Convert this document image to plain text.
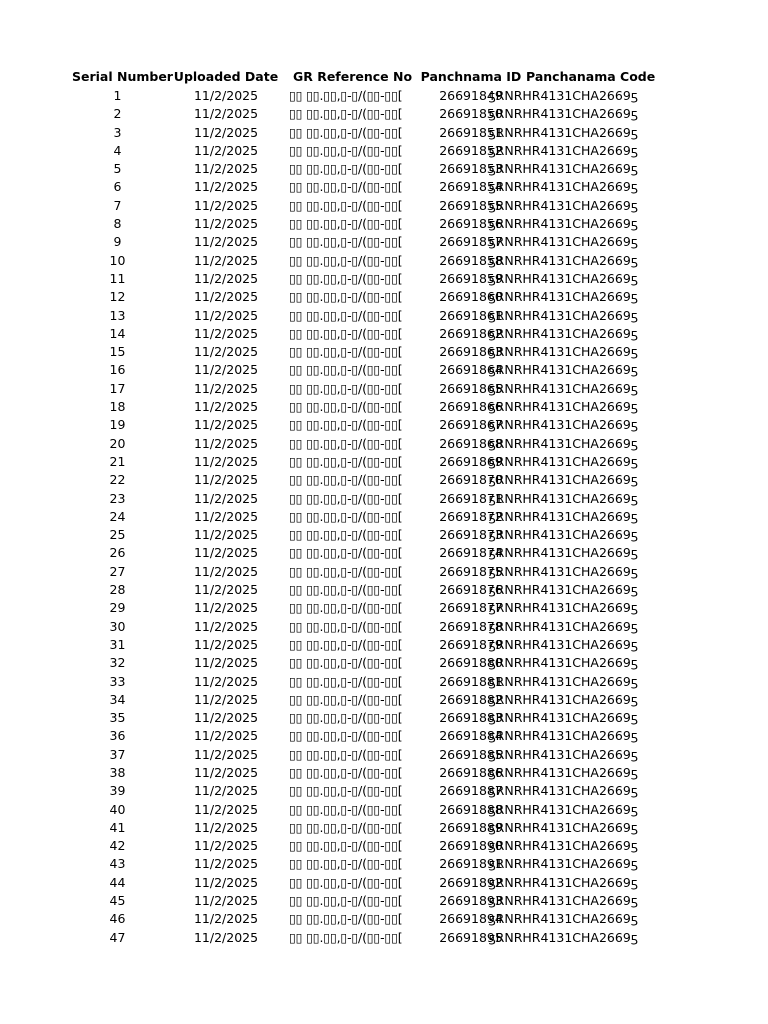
Serial Number	Uploaded Date	GR Reference No	Panchnama ID	Panchanama Code
1	11/2/2025	]▯▯-▯▯)/▯-▯,▯▯.▯▯ ▯▯	26691849	ƽRNRHR4131CHA2669ƽ
2	11/2/2025	]▯▯-▯▯)/▯-▯,▯▯.▯▯ ▯▯	26691850	ƽRNRHR4131CHA2669ƽ
3	11/2/2025	]▯▯-▯▯)/▯-▯,▯▯.▯▯ ▯▯	26691851	ƽRNRHR4131CHA2669ƽ
4	11/2/2025	]▯▯-▯▯)/▯-▯,▯▯.▯▯ ▯▯	26691852	ƽRNRHR4131CHA2669ƽ
5	11/2/2025	]▯▯-▯▯)/▯-▯,▯▯.▯▯ ▯▯	26691853	ƽRNRHR4131CHA2669ƽ
6	11/2/2025	]▯▯-▯▯)/▯-▯,▯▯.▯▯ ▯▯	26691854	ƽRNRHR4131CHA2669ƽ
7	11/2/2025	]▯▯-▯▯)/▯-▯,▯▯.▯▯ ▯▯	26691855	ƽRNRHR4131CHA2669ƽ
8	11/2/2025	]▯▯-▯▯)/▯-▯,▯▯.▯▯ ▯▯	26691856	ƽRNRHR4131CHA2669ƽ
9	11/2/2025	]▯▯-▯▯)/▯-▯,▯▯.▯▯ ▯▯	26691857	ƽRNRHR4131CHA2669ƽ
10	11/2/2025	]▯▯-▯▯)/▯-▯,▯▯.▯▯ ▯▯	26691858	ƽRNRHR4131CHA2669ƽ
11	11/2/2025	]▯▯-▯▯)/▯-▯,▯▯.▯▯ ▯▯	26691859	ƽRNRHR4131CHA2669ƽ
12	11/2/2025	]▯▯-▯▯)/▯-▯,▯▯.▯▯ ▯▯	26691860	ƽRNRHR4131CHA2669ƽ
13	11/2/2025	]▯▯-▯▯)/▯-▯,▯▯.▯▯ ▯▯	26691861	ƽRNRHR4131CHA2669ƽ
14	11/2/2025	]▯▯-▯▯)/▯-▯,▯▯.▯▯ ▯▯	26691862	ƽRNRHR4131CHA2669ƽ
15	11/2/2025	]▯▯-▯▯)/▯-▯,▯▯.▯▯ ▯▯	26691863	ƽRNRHR4131CHA2669ƽ
16	11/2/2025	]▯▯-▯▯)/▯-▯,▯▯.▯▯ ▯▯	26691864	ƽRNRHR4131CHA2669ƽ
17	11/2/2025	]▯▯-▯▯)/▯-▯,▯▯.▯▯ ▯▯	26691865	ƽRNRHR4131CHA2669ƽ
18	11/2/2025	]▯▯-▯▯)/▯-▯,▯▯.▯▯ ▯▯	26691866	ƽRNRHR4131CHA2669ƽ
19	11/2/2025	]▯▯-▯▯)/▯-▯,▯▯.▯▯ ▯▯	26691867	ƽRNRHR4131CHA2669ƽ
20	11/2/2025	]▯▯-▯▯)/▯-▯,▯▯.▯▯ ▯▯	26691868	ƽRNRHR4131CHA2669ƽ
21	11/2/2025	]▯▯-▯▯)/▯-▯,▯▯.▯▯ ▯▯	26691869	ƽRNRHR4131CHA2669ƽ
22	11/2/2025	]▯▯-▯▯)/▯-▯,▯▯.▯▯ ▯▯	26691870	ƽRNRHR4131CHA2669ƽ
23	11/2/2025	]▯▯-▯▯)/▯-▯,▯▯.▯▯ ▯▯	26691871	ƽRNRHR4131CHA2669ƽ
24	11/2/2025	]▯▯-▯▯)/▯-▯,▯▯.▯▯ ▯▯	26691872	ƽRNRHR4131CHA2669ƽ
25	11/2/2025	]▯▯-▯▯)/▯-▯,▯▯.▯▯ ▯▯	26691873	ƽRNRHR4131CHA2669ƽ
26	11/2/2025	]▯▯-▯▯)/▯-▯,▯▯.▯▯ ▯▯	26691874	ƽRNRHR4131CHA2669ƽ
27	11/2/2025	]▯▯-▯▯)/▯-▯,▯▯.▯▯ ▯▯	26691875	ƽRNRHR4131CHA2669ƽ
28	11/2/2025	]▯▯-▯▯)/▯-▯,▯▯.▯▯ ▯▯	26691876	ƽRNRHR4131CHA2669ƽ
29	11/2/2025	]▯▯-▯▯)/▯-▯,▯▯.▯▯ ▯▯	26691877	ƽRNRHR4131CHA2669ƽ
30	11/2/2025	]▯▯-▯▯)/▯-▯,▯▯.▯▯ ▯▯	26691878	ƽRNRHR4131CHA2669ƽ
31	11/2/2025	]▯▯-▯▯)/▯-▯,▯▯.▯▯ ▯▯	26691879	ƽRNRHR4131CHA2669ƽ
32	11/2/2025	]▯▯-▯▯)/▯-▯,▯▯.▯▯ ▯▯	26691880	ƽRNRHR4131CHA2669ƽ
33	11/2/2025	]▯▯-▯▯)/▯-▯,▯▯.▯▯ ▯▯	26691881	ƽRNRHR4131CHA2669ƽ
34	11/2/2025	]▯▯-▯▯)/▯-▯,▯▯.▯▯ ▯▯	26691882	ƽRNRHR4131CHA2669ƽ
35	11/2/2025	]▯▯-▯▯)/▯-▯,▯▯.▯▯ ▯▯	26691883	ƽRNRHR4131CHA2669ƽ
36	11/2/2025	]▯▯-▯▯)/▯-▯,▯▯.▯▯ ▯▯	26691884	ƽRNRHR4131CHA2669ƽ
37	11/2/2025	]▯▯-▯▯)/▯-▯,▯▯.▯▯ ▯▯	26691885	ƽRNRHR4131CHA2669ƽ
38	11/2/2025	]▯▯-▯▯)/▯-▯,▯▯.▯▯ ▯▯	26691886	ƽRNRHR4131CHA2669ƽ
39	11/2/2025	]▯▯-▯▯)/▯-▯,▯▯.▯▯ ▯▯	26691887	ƽRNRHR4131CHA2669ƽ
40	11/2/2025	]▯▯-▯▯)/▯-▯,▯▯.▯▯ ▯▯	26691888	ƽRNRHR4131CHA2669ƽ
41	11/2/2025	]▯▯-▯▯)/▯-▯,▯▯.▯▯ ▯▯	26691889	ƽRNRHR4131CHA2669ƽ
42	11/2/2025	]▯▯-▯▯)/▯-▯,▯▯.▯▯ ▯▯	26691890	ƽRNRHR4131CHA2669ƽ
43	11/2/2025	]▯▯-▯▯)/▯-▯,▯▯.▯▯ ▯▯	26691891	ƽRNRHR4131CHA2669ƽ
44	11/2/2025	]▯▯-▯▯)/▯-▯,▯▯.▯▯ ▯▯	26691892	ƽRNRHR4131CHA2669ƽ
45	11/2/2025	]▯▯-▯▯)/▯-▯,▯▯.▯▯ ▯▯	26691893	ƽRNRHR4131CHA2669ƽ
46	11/2/2025	]▯▯-▯▯)/▯-▯,▯▯.▯▯ ▯▯	26691894	ƽRNRHR4131CHA2669ƽ
47	11/2/2025	]▯▯-▯▯)/▯-▯,▯▯.▯▯ ▯▯	26691895	ƽRNRHR4131CHA2669ƽ
